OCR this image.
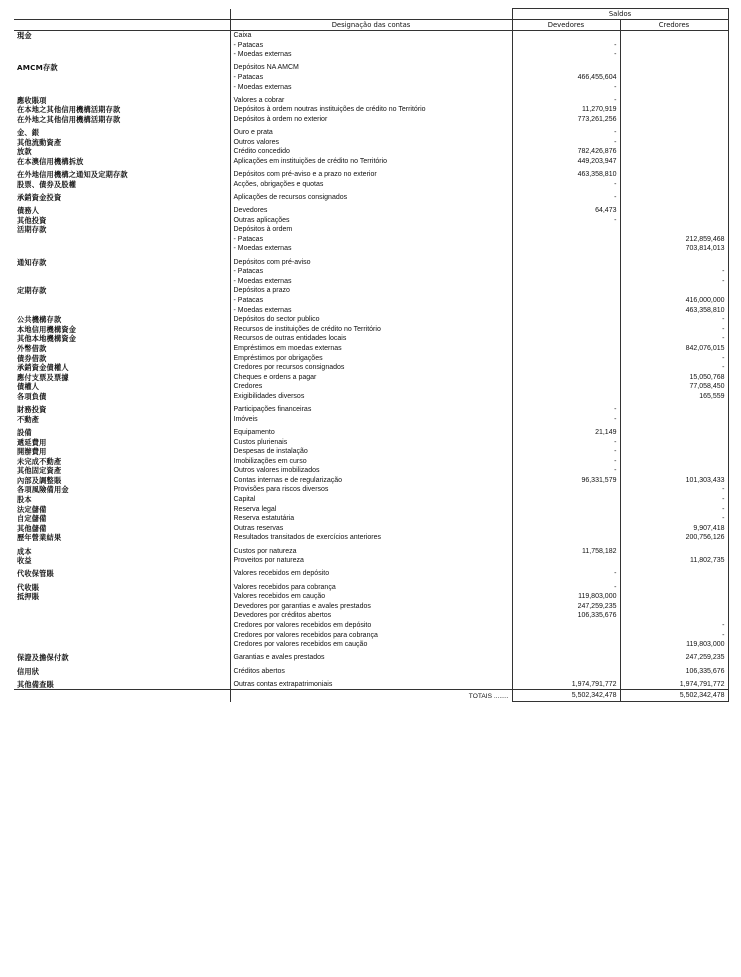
		Saldos	
	Designação das contas	Devedores	Credores
現金	Caixa		
	- Patacas	-	
	- Moedas externas	-	

AMCM存款	Depósitos NA AMCM		
	- Patacas	466,455,604	
	- Moedas externas	-	

應收賬項	Valores a cobrar	-	
在本地之其他信用機構活期存款	Depósitos à ordem noutras instituições de crédito no Território	11,270,919	
在外地之其他信用機構活期存款	Depósitos à ordem no exterior	773,261,256	

金、銀	Ouro e prata	-	
其他流動資產	Outros valores	-	
放款	Crédito concedido	782,426,876	
在本澳信用機構拆放	Aplicações em instituições de crédito no Território	449,203,947	

在外地信用機構之通知及定期存款	Depósitos com pré-aviso e a prazo no exterior	463,358,810	
股票、債券及股權	Acções, obrigações e quotas	-	

承銷資金投資	Aplicações de recursos consignados	-	

債務人	Devedores	64,473	
其他投資	Outras aplicações	-	
活期存款	Depósitos à ordem		
	- Patacas		212,859,468
	- Moedas externas		703,814,013

通知存款	Depósitos com pré-aviso		
	- Patacas		-
	- Moedas externas		-
定期存款	Depósitos a prazo		
	- Patacas		416,000,000
	- Moedas externas		463,358,810
公共機構存款	Depósitos do sector publico		-
本地信用機構資金	Recursos de instituições de crédito no Território		-
其他本地機構資金	Recursos de outras entidades locais		-
外幣借款	Empréstimos em moedas externas		842,076,015
債券借款	Empréstimos por obrigações		-
承銷資金債權人	Credores por recursos consignados		-
應付支票及票據	Cheques e ordens a pagar		15,050,768
債權人	Credores		77,058,450
各項負債	Exigibilidades diversos		165,559

財務投資	Participações financeiras	-	
不動產	Imóveis	-	

設備	Equipamento	21,149	
遞延費用	Custos plurienais	-	
開辦費用	Despesas de instalação	-	
未完成不動產	Imobilizações em curso	-	
其他固定資產	Outros valores imobilizados	-	
內部及調整賬	Contas internas e de regularização	96,331,579	101,303,433
各項風險備用金	Provisões para riscos diversos		-
股本	Capital		-
法定儲備	Reserva legal		-
自定儲備	Reserva estatutária		-
其他儲備	Outras reservas		9,907,418
歷年營業結果	Resultados transitados de exercícios anteriores		200,756,126

成本	Custos por natureza	11,758,182	
收益	Proveitos por natureza		11,802,735

代收保管賬	Valores recebidos em depósito	-	

代收賬	Valores recebidos para cobrança	-	
抵押賬	Valores recebidos em caução	119,803,000	
	Devedores por garantias e avales prestados	247,259,235	
	Devedores por créditos abertos	106,335,676	
	Credores por valores recebidos em depósito		-
	Credores por valores recebidos para cobrança		-
	Credores por valores recebidos em caução		119,803,000

保證及擔保付款	Garantias e avales prestados		247,259,235

信用狀	Créditos abertos		106,335,676

其他備查賬	Outras contas extrapatrimoniais	1,974,791,772	1,974,791,772
	TOTAIS ........	5,502,342,478	5,502,342,478
